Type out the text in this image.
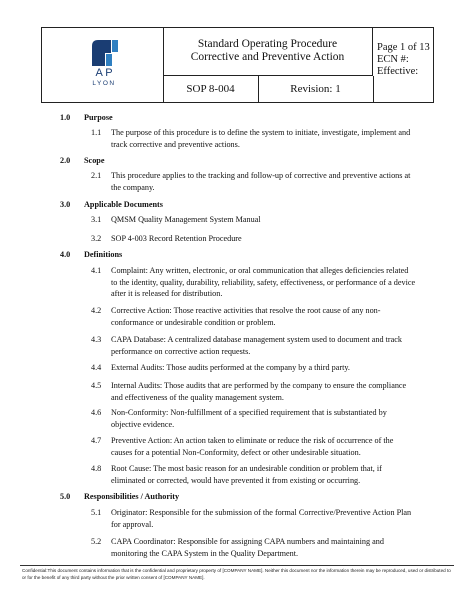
A P
LYON
Standard Operating Procedure
Corrective and Preventive Action
SOP 8-004	Revision: 1
Page 1 of 13
ECN #:
Effective:
1.0 Purpose
1.1	The purpose of this procedure is to define the system to initiate, investigate, implement and track corrective and preventive actions.
2.0 Scope
2.1	This procedure applies to the tracking and follow-up of corrective and preventive actions at the company.
3.0 Applicable Documents
3.1	QMSM Quality Management System Manual
3.2	SOP 4-003 Record Retention Procedure
4.0 Definitions
4.1	Complaint: Any written, electronic, or oral communication that alleges deficiencies related to the identity, quality, durability, reliability, safety, effectiveness, or performance of a device after it is released for distribution.
4.2	Corrective Action: Those reactive activities that resolve the root cause of any non-conformance or undesirable condition or problem.
4.3	CAPA Database: A centralized database management system used to document and track performance on corrective action requests.
4.4	External Audits: Those audits performed at the company by a third party.
4.5	Internal Audits: Those audits that are performed by the company to ensure the compliance and effectiveness of the quality management system.
4.6	Non-Conformity: Non-fulfillment of a specified requirement that is substantiated by objective evidence.
4.7	Preventive Action: An action taken to eliminate or reduce the risk of occurrence of the causes for a potential Non-Conformity, defect or other undesirable situation.
4.8	Root Cause: The most basic reason for an undesirable condition or problem that, if eliminated or corrected, would have prevented it from existing or occurring.
5.0 Responsibilities / Authority
5.1	Originator: Responsible for the submission of the formal Corrective/Preventive Action Plan for approval.
5.2	CAPA Coordinator: Responsible for assigning CAPA numbers and maintaining and monitoring the CAPA System in the Quality Department.
Confidential:This document contains information that is the confidential and proprietary property of [COMPANY NAME]. Neither this document nor the information therein may be reproduced, used or distributed to or for the benefit of any third party without the prior written consent of [COMPANY NAME].
